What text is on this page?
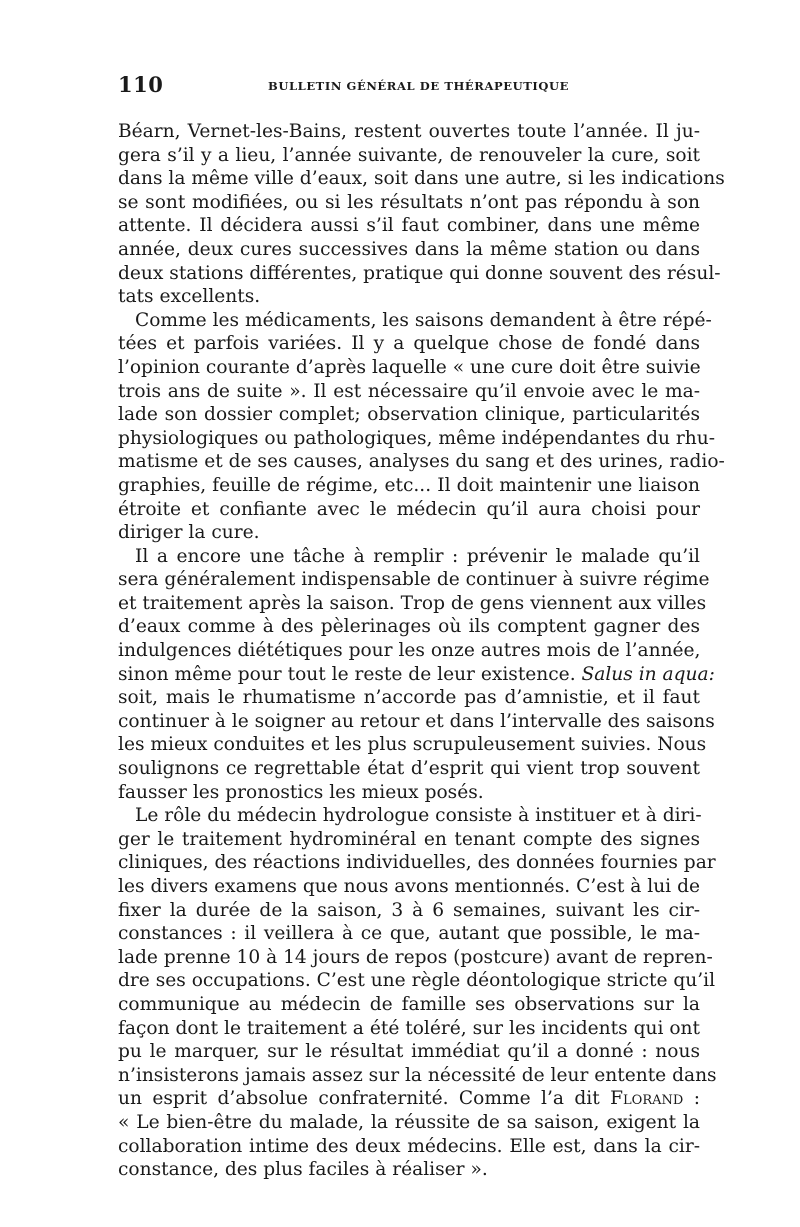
110	BULLETIN GÉNÉRAL DE THÉRAPEUTIQUE

Béarn, Vernet-les-Bains, restent ouvertes toute l’année. Il ju-
gera s’il y a lieu, l’année suivante, de renouveler la cure, soit
dans la même ville d’eaux, soit dans une autre, si les indications
se sont modifiées, ou si les résultats n’ont pas répondu à son
attente. Il décidera aussi s’il faut combiner, dans une même
année, deux cures successives dans la même station ou dans
deux stations différentes, pratique qui donne souvent des résul-
tats excellents.

Comme les médicaments, les saisons demandent à être répé-
tées et parfois variées. Il y a quelque chose de fondé dans
l’opinion courante d’après laquelle « une cure doit être suivie
trois ans de suite ». Il est nécessaire qu’il envoie avec le ma-
lade son dossier complet; observation clinique, particularités
physiologiques ou pathologiques, même indépendantes du rhu-
matisme et de ses causes, analyses du sang et des urines, radio-
graphies, feuille de régime, etc... Il doit maintenir une liaison
étroite et confiante avec le médecin qu’il aura choisi pour
diriger la cure.

Il a encore une tâche à remplir : prévenir le malade qu’il
sera généralement indispensable de continuer à suivre régime
et traitement après la saison. Trop de gens viennent aux villes
d’eaux comme à des pèlerinages où ils comptent gagner des
indulgences diététiques pour les onze autres mois de l’année,
sinon même pour tout le reste de leur existence. Salus in aqua:
soit, mais le rhumatisme n’accorde pas d’amnistie, et il faut
continuer à le soigner au retour et dans l’intervalle des saisons
les mieux conduites et les plus scrupuleusement suivies. Nous
soulignons ce regrettable état d’esprit qui vient trop souvent
fausser les pronostics les mieux posés.

Le rôle du médecin hydrologue consiste à instituer et à diri-
ger le traitement hydrominéral en tenant compte des signes
cliniques, des réactions individuelles, des données fournies par
les divers examens que nous avons mentionnés. C’est à lui de
fixer la durée de la saison, 3 à 6 semaines, suivant les cir-
constances : il veillera à ce que, autant que possible, le ma-
lade prenne 10 à 14 jours de repos (postcure) avant de repren-
dre ses occupations. C’est une règle déontologique stricte qu’il
communique au médecin de famille ses observations sur la
façon dont le traitement a été toléré, sur les incidents qui ont
pu le marquer, sur le résultat immédiat qu’il a donné : nous
n’insisterons jamais assez sur la nécessité de leur entente dans
un esprit d’absolue confraternité. Comme l’a dit Florand :
« Le bien-être du malade, la réussite de sa saison, exigent la
collaboration intime des deux médecins. Elle est, dans la cir-
constance, des plus faciles à réaliser ».
